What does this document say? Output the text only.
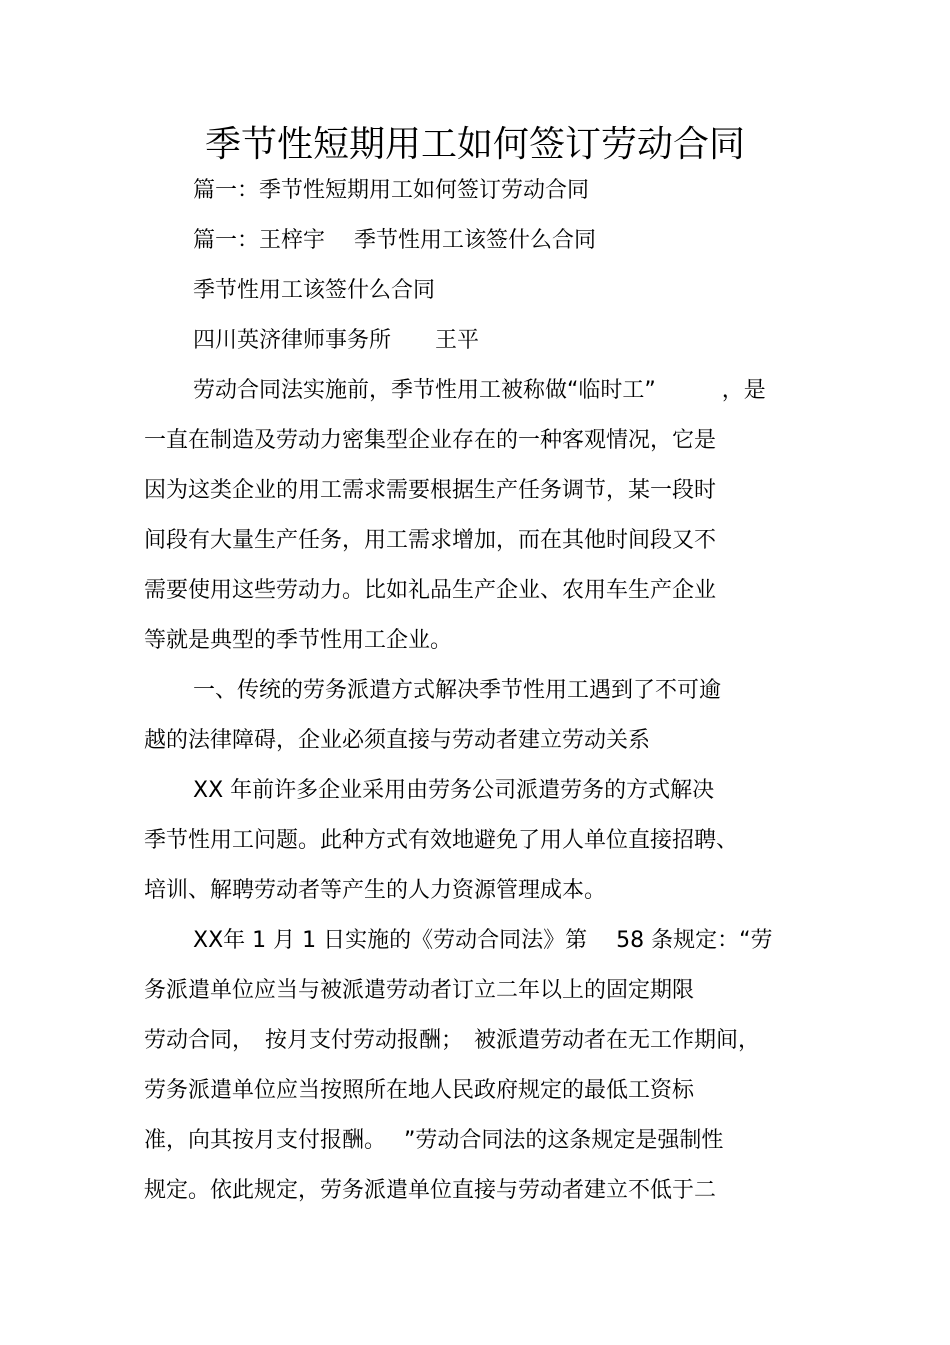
季节性短期用工如何签订劳动合同
篇一：季节性短期用工如何签订劳动合同
篇一：王梓宇　 季节性用工该签什么合同
季节性用工该签什么合同
四川英济律师事务所　　王平
劳动合同法实施前，季节性用工被称做“临时工”　　　，是
一直在制造及劳动力密集型企业存在的一种客观情况，它是
因为这类企业的用工需求需要根据生产任务调节，某一段时
间段有大量生产任务，用工需求增加，而在其他时间段又不
需要使用这些劳动力。比如礼品生产企业、农用车生产企业
等就是典型的季节性用工企业。
一、传统的劳务派遣方式解决季节性用工遇到了不可逾
越的法律障碍，企业必须直接与劳动者建立劳动关系
XX 年前许多企业采用由劳务公司派遣劳务的方式解决
季节性用工问题。此种方式有效地避免了用人单位直接招聘、
培训、解聘劳动者等产生的人力资源管理成本。
XX年 1 月 1 日实施的《劳动合同法》第　 58 条规定：“劳
务派遣单位应当与被派遣劳动者订立二年以上的固定期限
劳动合同，　按月支付劳动报酬；　被派遣劳动者在无工作期间，
劳务派遣单位应当按照所在地人民政府规定的最低工资标
准，向其按月支付报酬。　 ”劳动合同法的这条规定是强制性
规定。依此规定，劳务派遣单位直接与劳动者建立不低于二
